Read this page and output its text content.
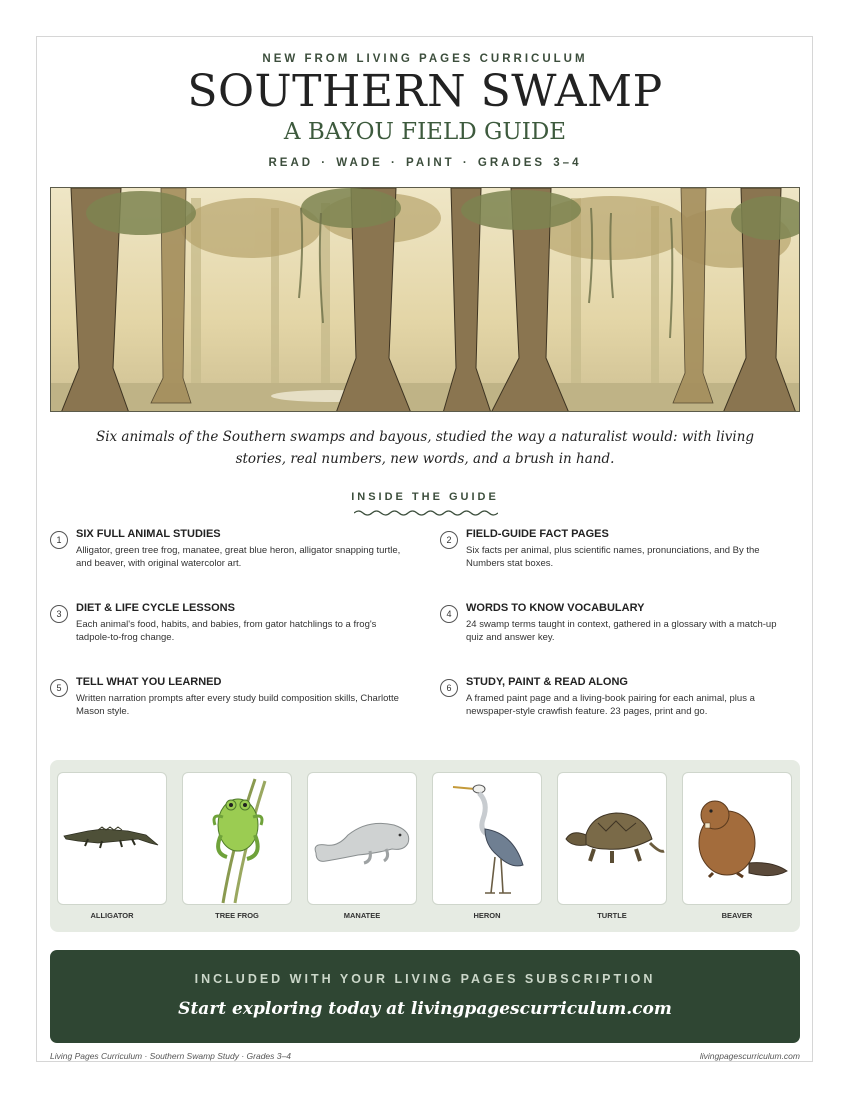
NEW FROM LIVING PAGES CURRICULUM
SOUTHERN SWAMP
A BAYOU FIELD GUIDE
READ · WADE · PAINT · GRADES 3–4
Six animals of the Southern swamps and bayous, studied the way a naturalist would: with living stories, real numbers, new words, and a brush in hand.
INSIDE THE GUIDE
1	SIX FULL ANIMAL STUDIES
Alligator, green tree frog, manatee, great blue heron, alligator snapping turtle, and beaver, with original watercolor art.
2	FIELD-GUIDE FACT PAGES
Six facts per animal, plus scientific names, pronunciations, and By the Numbers stat boxes.
3	DIET & LIFE CYCLE LESSONS
Each animal's food, habits, and babies, from gator hatchlings to a frog's tadpole-to-frog change.
4	WORDS TO KNOW VOCABULARY
24 swamp terms taught in context, gathered in a glossary with a match-up quiz and answer key.
5	TELL WHAT YOU LEARNED
Written narration prompts after every study build composition skills, Charlotte Mason style.
6	STUDY, PAINT & READ ALONG
A framed paint page and a living-book pairing for each animal, plus a newspaper-style crawfish feature. 23 pages, print and go.
ALLIGATOR	TREE FROG	MANATEE	HERON	TURTLE	BEAVER
INCLUDED WITH YOUR LIVING PAGES SUBSCRIPTION
Start exploring today at livingpagescurriculum.com
Living Pages Curriculum · Southern Swamp Study · Grades 3–4	livingpagescurriculum.com
